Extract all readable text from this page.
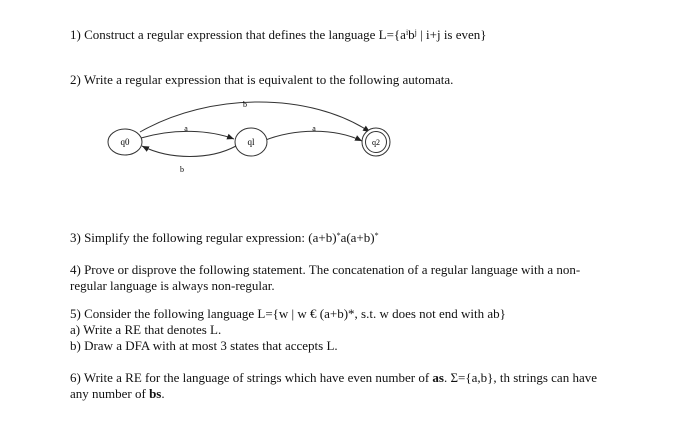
1) Construct a regular expression that defines the language $L=\{a^ib^j$ | i+j is even}
2) Write a regular expression that is equivalent to the following automata.
q0	ql	q2
b
a
b
a
3) Simplify the following regular expression: (a+b)*a(a+b)*
4) Prove or disprove the following statement. The concatenation of a regular language with a non-
regular language is always non-regular.
5) Consider the following language L={w | w € (a+b)*, s.t. w does not end with ab}
a) Write a RE that denotes L.
b) Draw a DFA with at most 3 states that accepts L.
6) Write a RE for the language of strings which have even number of as. Σ={a,b}, th strings can have
any number of bs.
